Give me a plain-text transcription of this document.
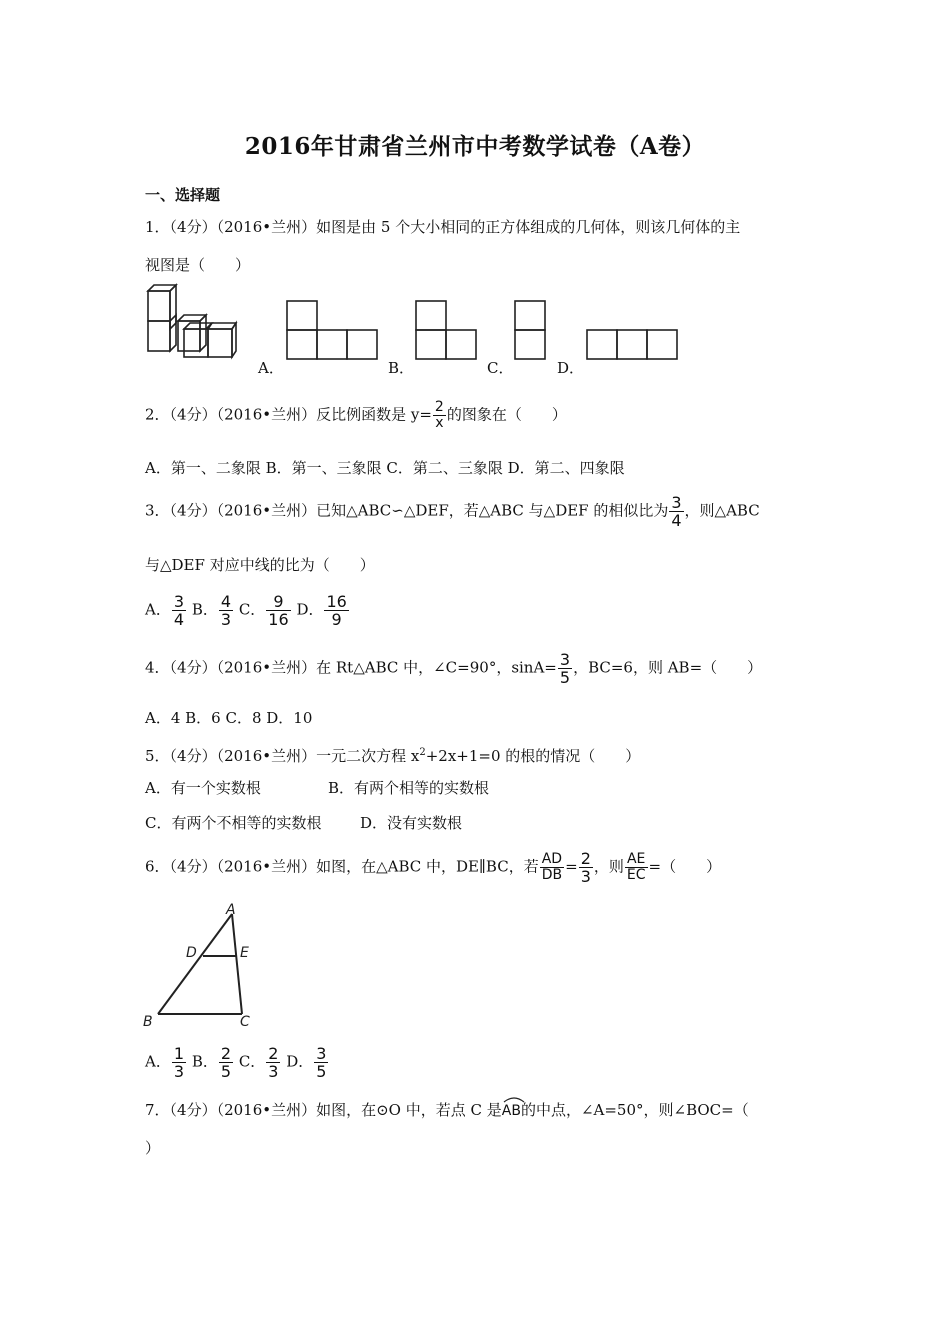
2016年甘肃省兰州市中考数学试卷（A卷）
一、选择题
1．（4分）（2016•兰州）如图是由 5 个大小相同的正方体组成的几何体，则该几何体的主
视图是（　　）
A．	B．	C．	D．
2．（4分）（2016•兰州）反比例函数是 $y= \frac{2}{x}$ 的图象在（　　）
A．第一、二象限 B．第一、三象限 C．第二、三象限 D．第二、四象限
3．（4分）（2016•兰州）已知△ABC∽△DEF，若△ABC 与△DEF 的相似比为 $\frac{3}{4}$ ，则△ABC
与△DEF 对应中线的比为（　　）
A． $\frac{3}{4}$ B． $\frac{4}{3}$ C． $\frac{9}{16}$ D． $\frac{16}{9}$
4．（4分）（2016•兰州）在 Rt△ABC 中，∠C=90°，$\sin A= \frac{3}{5}$ ，BC=6，则 AB=（　　）
A．4 B．6 C．8 D．10
5．（4分）（2016•兰州）一元二次方程 $x^2+2x+1=0$ 的根的情况（　　）
A．有一个实数根	B．有两个相等的实数根
C．有两个不相等的实数根	D．没有实数根
6．（4分）（2016•兰州）如图，在△ABC 中，DE∥BC，若 $\frac{AD}{DB} = \frac{2}{3}$ ，则 $\frac{AE}{EC}$ =（　　）
A
D	E
B	C
A． $\frac{1}{3}$ B． $\frac{2}{5}$ C． $\frac{2}{3}$ D． $\frac{3}{5}$
7．（4分）（2016•兰州）如图，在⊙O 中，若点 C 是
AB的中点，∠A=50°，则∠BOC=（
）
